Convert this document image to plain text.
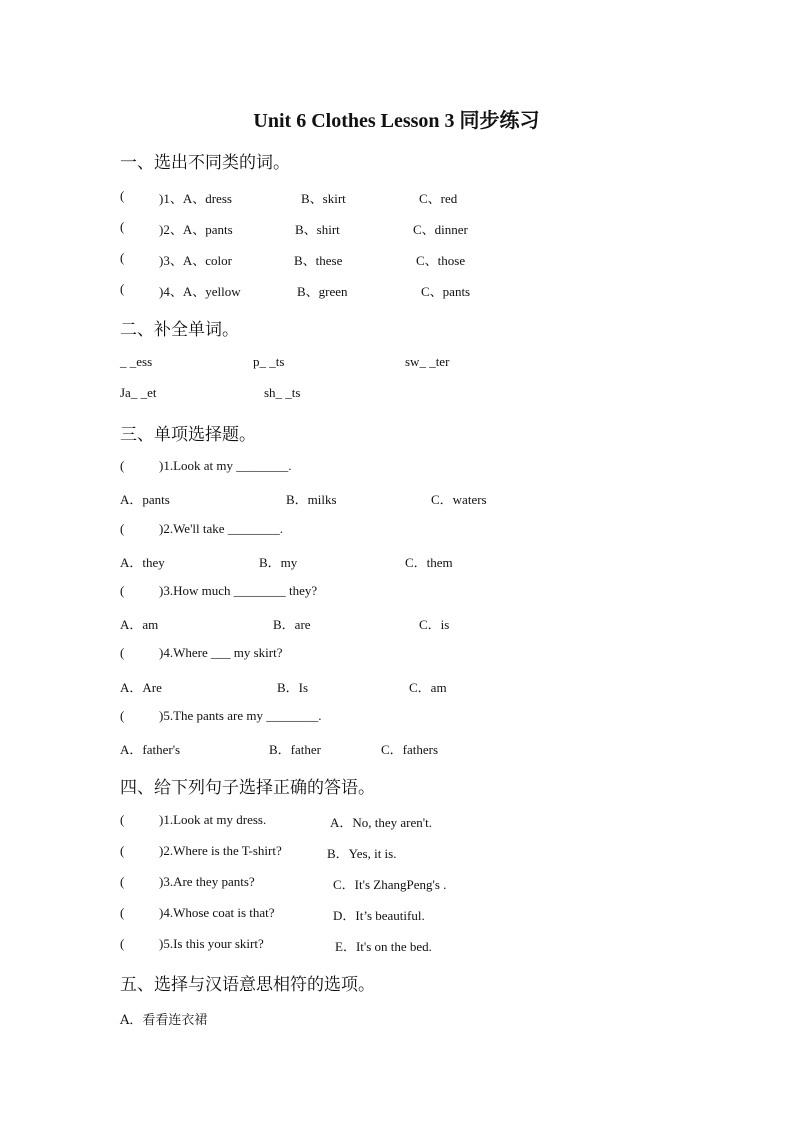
Unit 6 Clothes Lesson 3 同步练习
一、选出不同类的词。
(	)1、A、dress	B、skirt	C、red
(	)2、A、pants	B、shirt	C、dinner
(	)3、A、color	B、these	C、those
(	)4、A、yellow	B、green	C、pants
二、补全单词。
_ _ess	p_ _ts	sw_ _ter
Ja_ _et	sh_ _ts
三、单项选择题。
(	)1.Look at my ________.
A．pants	B．milks	C．waters
(	)2.We'll take ________.
A．they	B．my	C．them
(	)3.How much ________ they?
A．am	B．are	C．is
(	)4.Where ___ my skirt?
A．Are	B．Is	C．am
(	)5.The pants are my ________.
A．father's	B．father	C．fathers
四、给下列句子选择正确的答语。
(	)1.Look at my dress.	A．No, they aren't.
(	)2.Where is the T-shirt?	B．Yes, it is.
(	)3.Are they pants?	C．It's ZhangPeng's .
(	)4.Whose coat is that?	D．It’s beautiful.
(	)5.Is this your skirt?	E．It's on the bed.
五、选择与汉语意思相符的选项。
A．看看连衣裙
